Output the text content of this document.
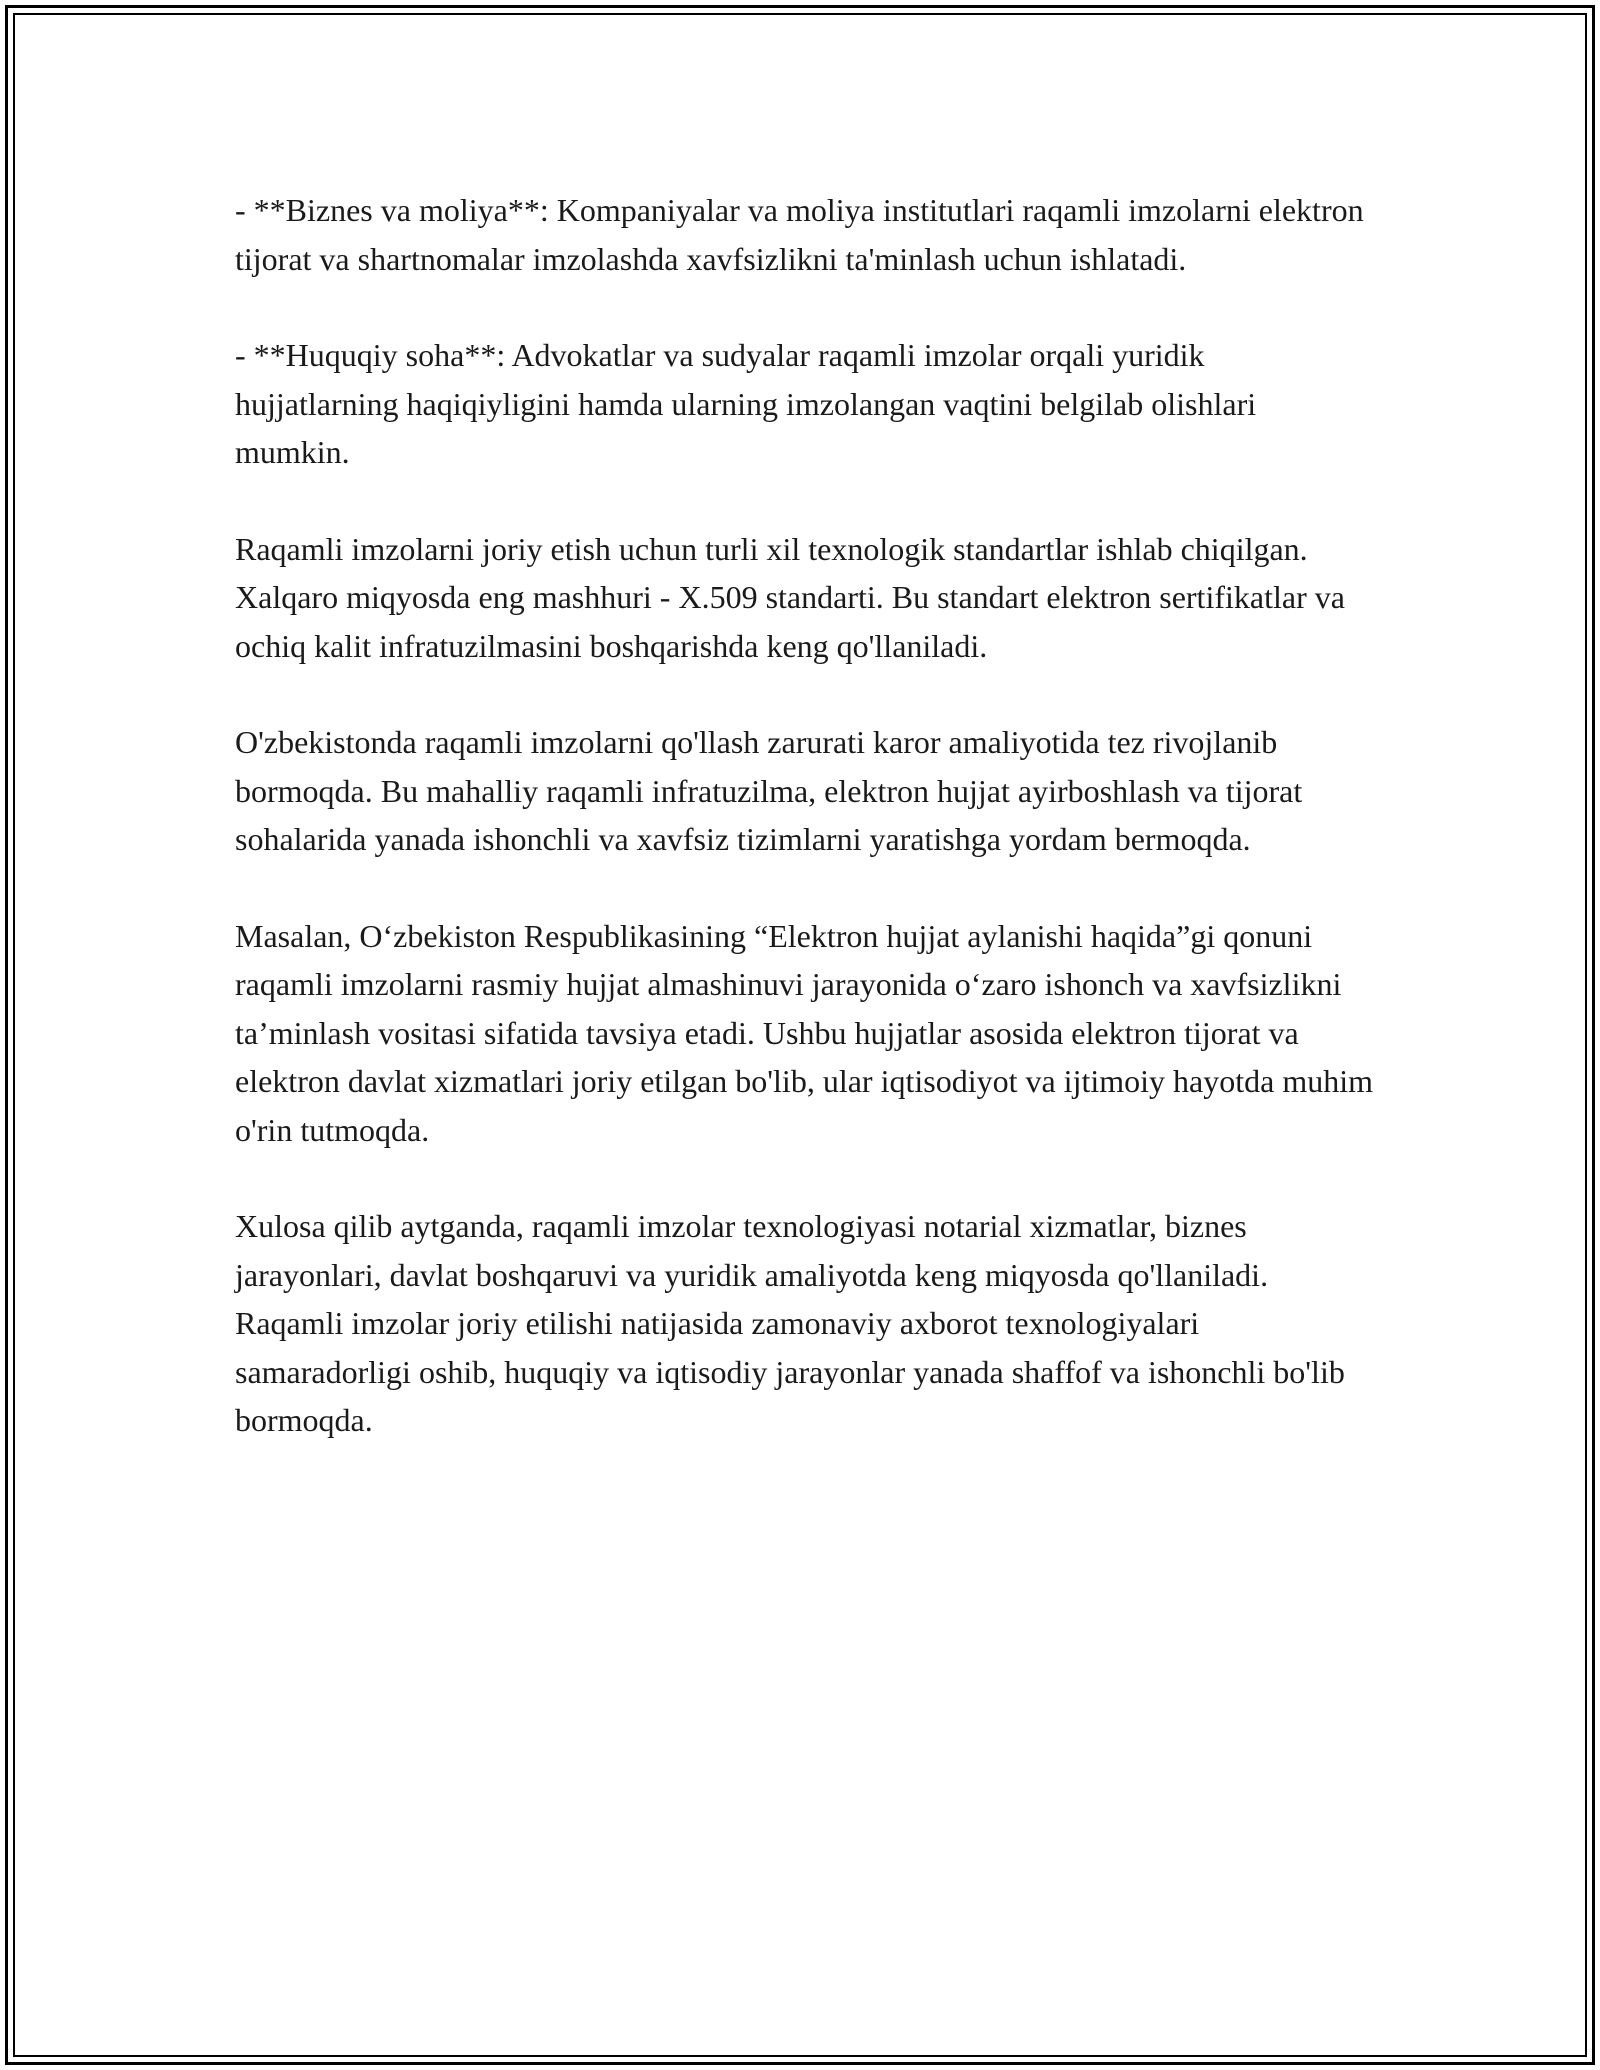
- **Biznes va moliya**: Kompaniyalar va moliya institutlari raqamli imzolarni elektron tijorat va shartnomalar imzolashda xavfsizlikni ta'minlash uchun ishlatadi.

- **Huquqiy soha**: Advokatlar va sudyalar raqamli imzolar orqali yuridik hujjatlarning haqiqiyligini hamda ularning imzolangan vaqtini belgilab olishlari mumkin.

Raqamli imzolarni joriy etish uchun turli xil texnologik standartlar ishlab chiqilgan. Xalqaro miqyosda eng mashhuri - X.509 standarti. Bu standart elektron sertifikatlar va ochiq kalit infratuzilmasini boshqarishda keng qo'llaniladi.

O'zbekistonda raqamli imzolarni qo'llash zarurati karor amaliyotida tez rivojlanib bormoqda. Bu mahalliy raqamli infratuzilma, elektron hujjat ayirboshlash va tijorat sohalarida yanada ishonchli va xavfsiz tizimlarni yaratishga yordam bermoqda.

Masalan, O‘zbekiston Respublikasining “Elektron hujjat aylanishi haqida”gi qonuni raqamli imzolarni rasmiy hujjat almashinuvi jarayonida o‘zaro ishonch va xavfsizlikni ta’minlash vositasi sifatida tavsiya etadi. Ushbu hujjatlar asosida elektron tijorat va elektron davlat xizmatlari joriy etilgan bo'lib, ular iqtisodiyot va ijtimoiy hayotda muhim o'rin tutmoqda.

Xulosa qilib aytganda, raqamli imzolar texnologiyasi notarial xizmatlar, biznes jarayonlari, davlat boshqaruvi va yuridik amaliyotda keng miqyosda qo'llaniladi. Raqamli imzolar joriy etilishi natijasida zamonaviy axborot texnologiyalari samaradorligi oshib, huquqiy va iqtisodiy jarayonlar yanada shaffof va ishonchli bo'lib bormoqda.
